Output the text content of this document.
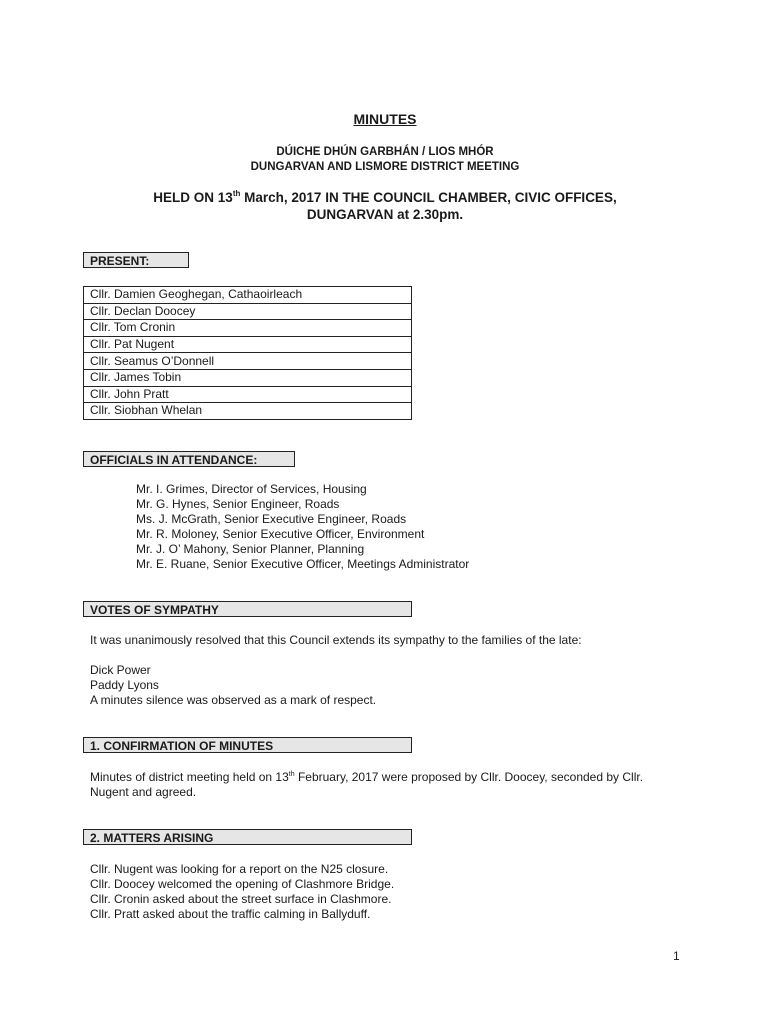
MINUTES
DÚICHE DHÚN GARBHÁN / LIOS MHÓR
DUNGARVAN AND LISMORE DISTRICT MEETING
HELD ON 13th March, 2017 IN THE COUNCIL CHAMBER, CIVIC OFFICES,
DUNGARVAN at 2.30pm.
PRESENT:
Cllr. Damien Geoghegan, Cathaoirleach
Cllr. Declan Doocey
Cllr. Tom Cronin
Cllr. Pat Nugent
Cllr. Seamus O’Donnell
Cllr. James Tobin
Cllr. John Pratt
Cllr. Siobhan Whelan
OFFICIALS IN ATTENDANCE:
Mr. I. Grimes, Director of Services, Housing
Mr. G. Hynes, Senior Engineer, Roads
Ms. J. McGrath, Senior Executive Engineer, Roads
Mr. R. Moloney, Senior Executive Officer, Environment
Mr. J. O’ Mahony, Senior Planner, Planning
Mr. E. Ruane, Senior Executive Officer, Meetings Administrator
VOTES OF SYMPATHY
It was unanimously resolved that this Council extends its sympathy to the families of the late:
Dick Power
Paddy Lyons
A minutes silence was observed as a mark of respect.
1. CONFIRMATION OF MINUTES
Minutes of district meeting held on 13th February, 2017 were proposed by Cllr. Doocey, seconded by Cllr.
Nugent and agreed.
2. MATTERS ARISING
Cllr. Nugent was looking for a report on the N25 closure.
Cllr. Doocey welcomed the opening of Clashmore Bridge.
Cllr. Cronin asked about the street surface in Clashmore.
Cllr. Pratt asked about the traffic calming in Ballyduff.
1
